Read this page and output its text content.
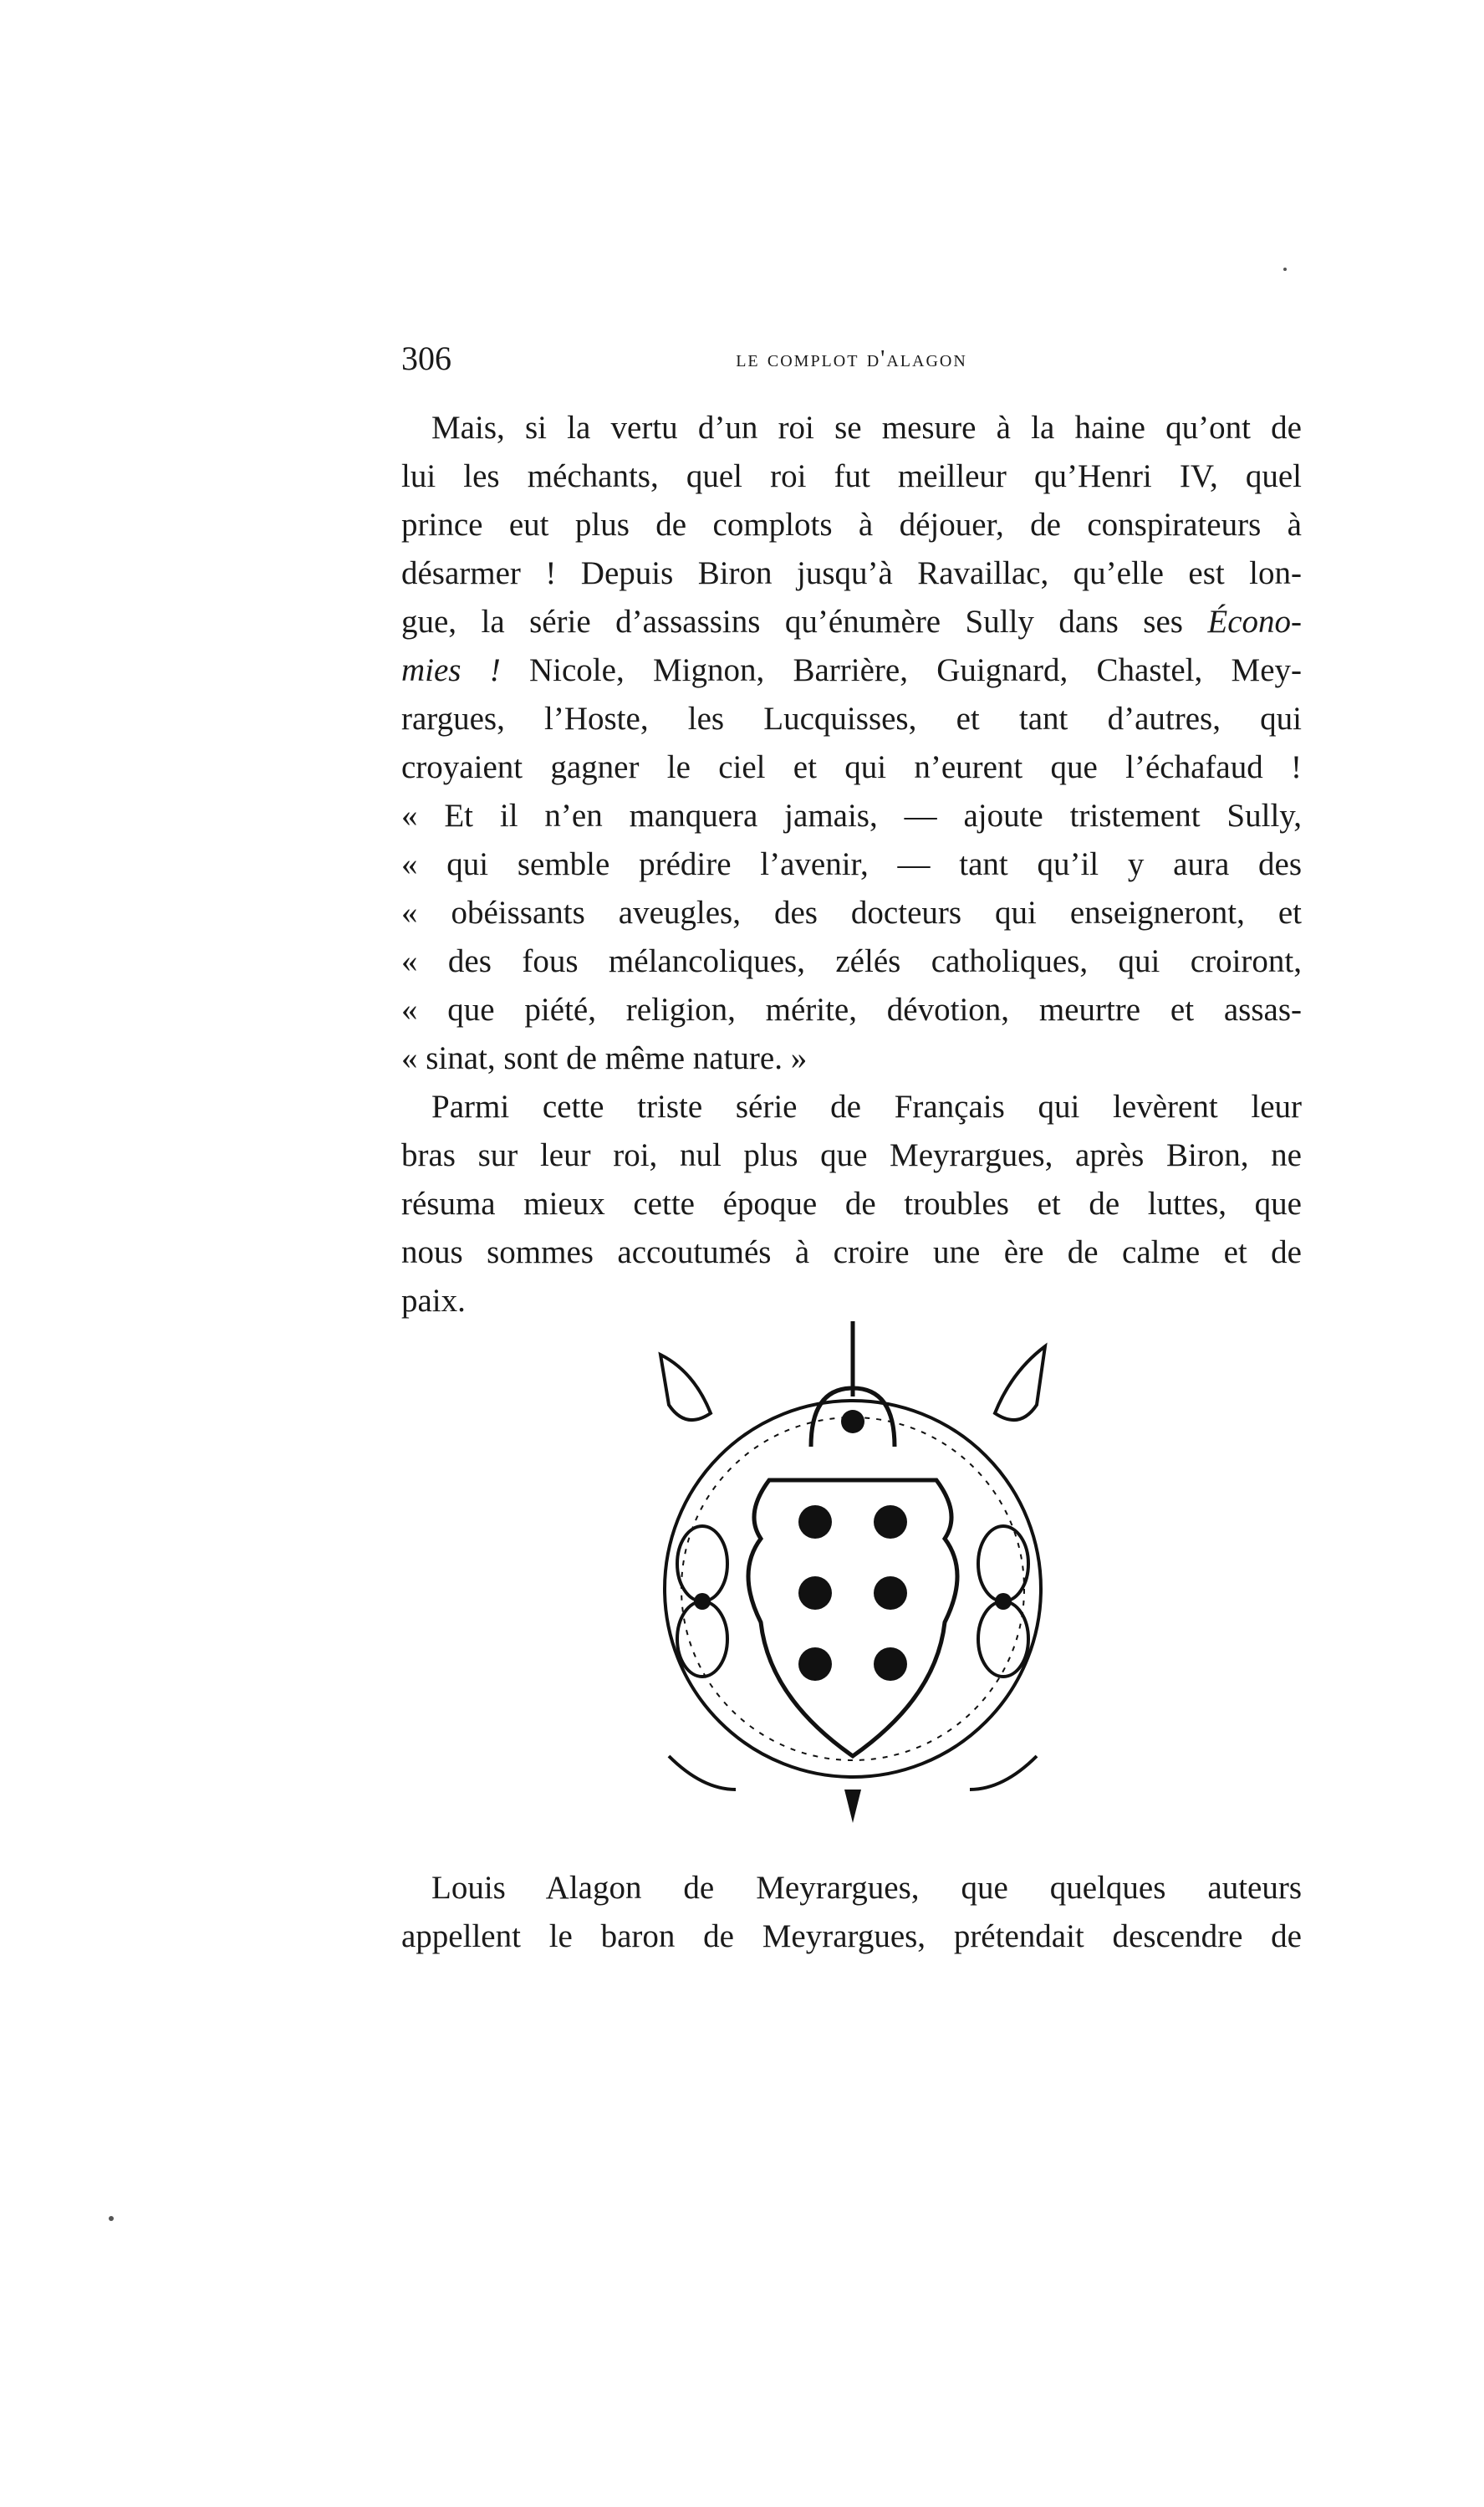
306	le complot d'alagon
Mais, si la vertu d’un roi se mesure à la haine qu’ont de
lui les méchants, quel roi fut meilleur qu’Henri IV, quel
prince eut plus de complots à déjouer, de conspirateurs à
désarmer ! Depuis Biron jusqu’à Ravaillac, qu’elle est lon-
gue, la série d’assassins qu’énumère Sully dans ses Écono-
mies ! Nicole, Mignon, Barrière, Guignard, Chastel, Mey-
rargues, l’Hoste, les Lucquisses, et tant d’autres, qui
croyaient gagner le ciel et qui n’eurent que l’échafaud !
« Et il n’en manquera jamais, — ajoute tristement Sully,
« qui semble prédire l’avenir, — tant qu’il y aura des
« obéissants aveugles, des docteurs qui enseigneront, et
« des fous mélancoliques, zélés catholiques, qui croiront,
« que piété, religion, mérite, dévotion, meurtre et assas-
« sinat, sont de même nature. »
Parmi cette triste série de Français qui levèrent leur
bras sur leur roi, nul plus que Meyrargues, après Biron, ne
résuma mieux cette époque de troubles et de luttes, que
nous sommes accoutumés à croire une ère de calme et de
paix.
Louis Alagon de Meyrargues, que quelques auteurs
appellent le baron de Meyrargues, prétendait descendre de
